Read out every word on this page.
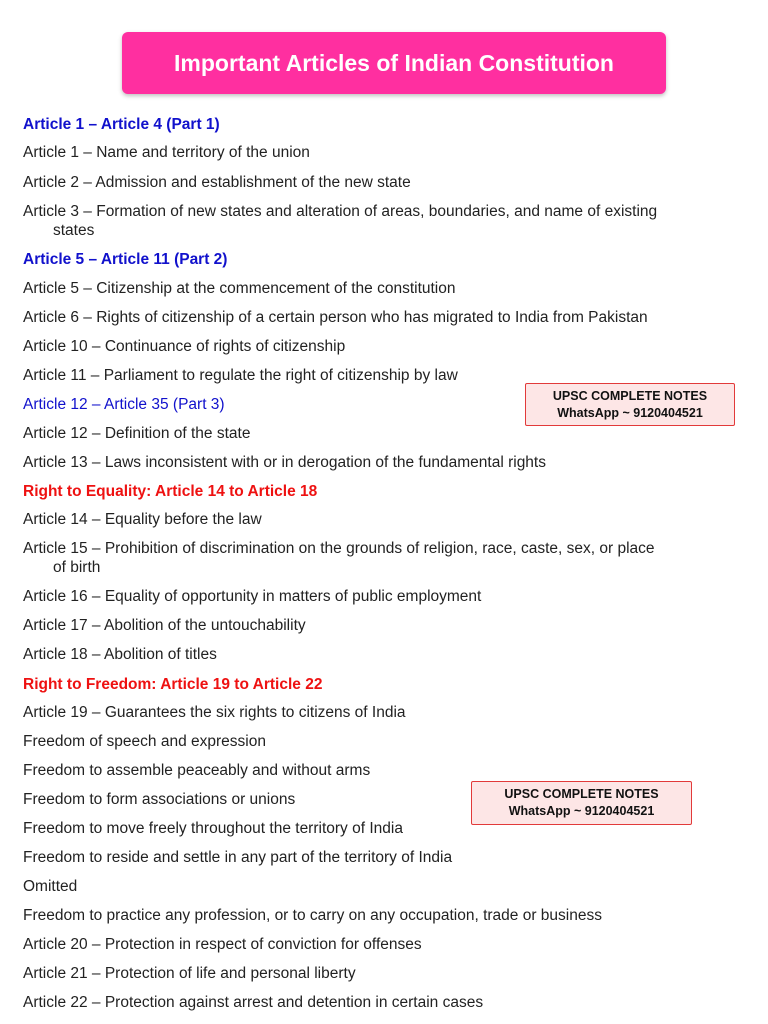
Important Articles of Indian Constitution
Article 1 – Article 4 (Part 1)
Article 1 – Name and territory of the union
Article 2 – Admission and establishment of the new state
Article 3 – Formation of new states and alteration of areas, boundaries, and name of existing
states
Article 5 – Article 11 (Part 2)
Article 5 – Citizenship at the commencement of the constitution
Article 6 – Rights of citizenship of a certain person who has migrated to India from Pakistan
Article 10 – Continuance of rights of citizenship
Article 11 – Parliament to regulate the right of citizenship by law
Article 12 – Article 35 (Part 3)
Article 12 – Definition of the state
Article 13 – Laws inconsistent with or in derogation of the fundamental rights
Right to Equality: Article 14 to Article 18
Article 14 – Equality before the law
Article 15 – Prohibition of discrimination on the grounds of religion, race, caste, sex, or place
of birth
Article 16 – Equality of opportunity in matters of public employment
Article 17 – Abolition of the untouchability
Article 18 – Abolition of titles
Right to Freedom: Article 19 to Article 22
Article 19 – Guarantees the six rights to citizens of India
Freedom of speech and expression
Freedom to assemble peaceably and without arms
Freedom to form associations or unions
Freedom to move freely throughout the territory of India
Freedom to reside and settle in any part of the territory of India
Omitted
Freedom to practice any profession, or to carry on any occupation, trade or business
Article 20 – Protection in respect of conviction for offenses
Article 21 – Protection of life and personal liberty
Article 22 – Protection against arrest and detention in certain cases
UPSC COMPLETE NOTES
WhatsApp ~ 9120404521
UPSC COMPLETE NOTES
WhatsApp ~ 9120404521
